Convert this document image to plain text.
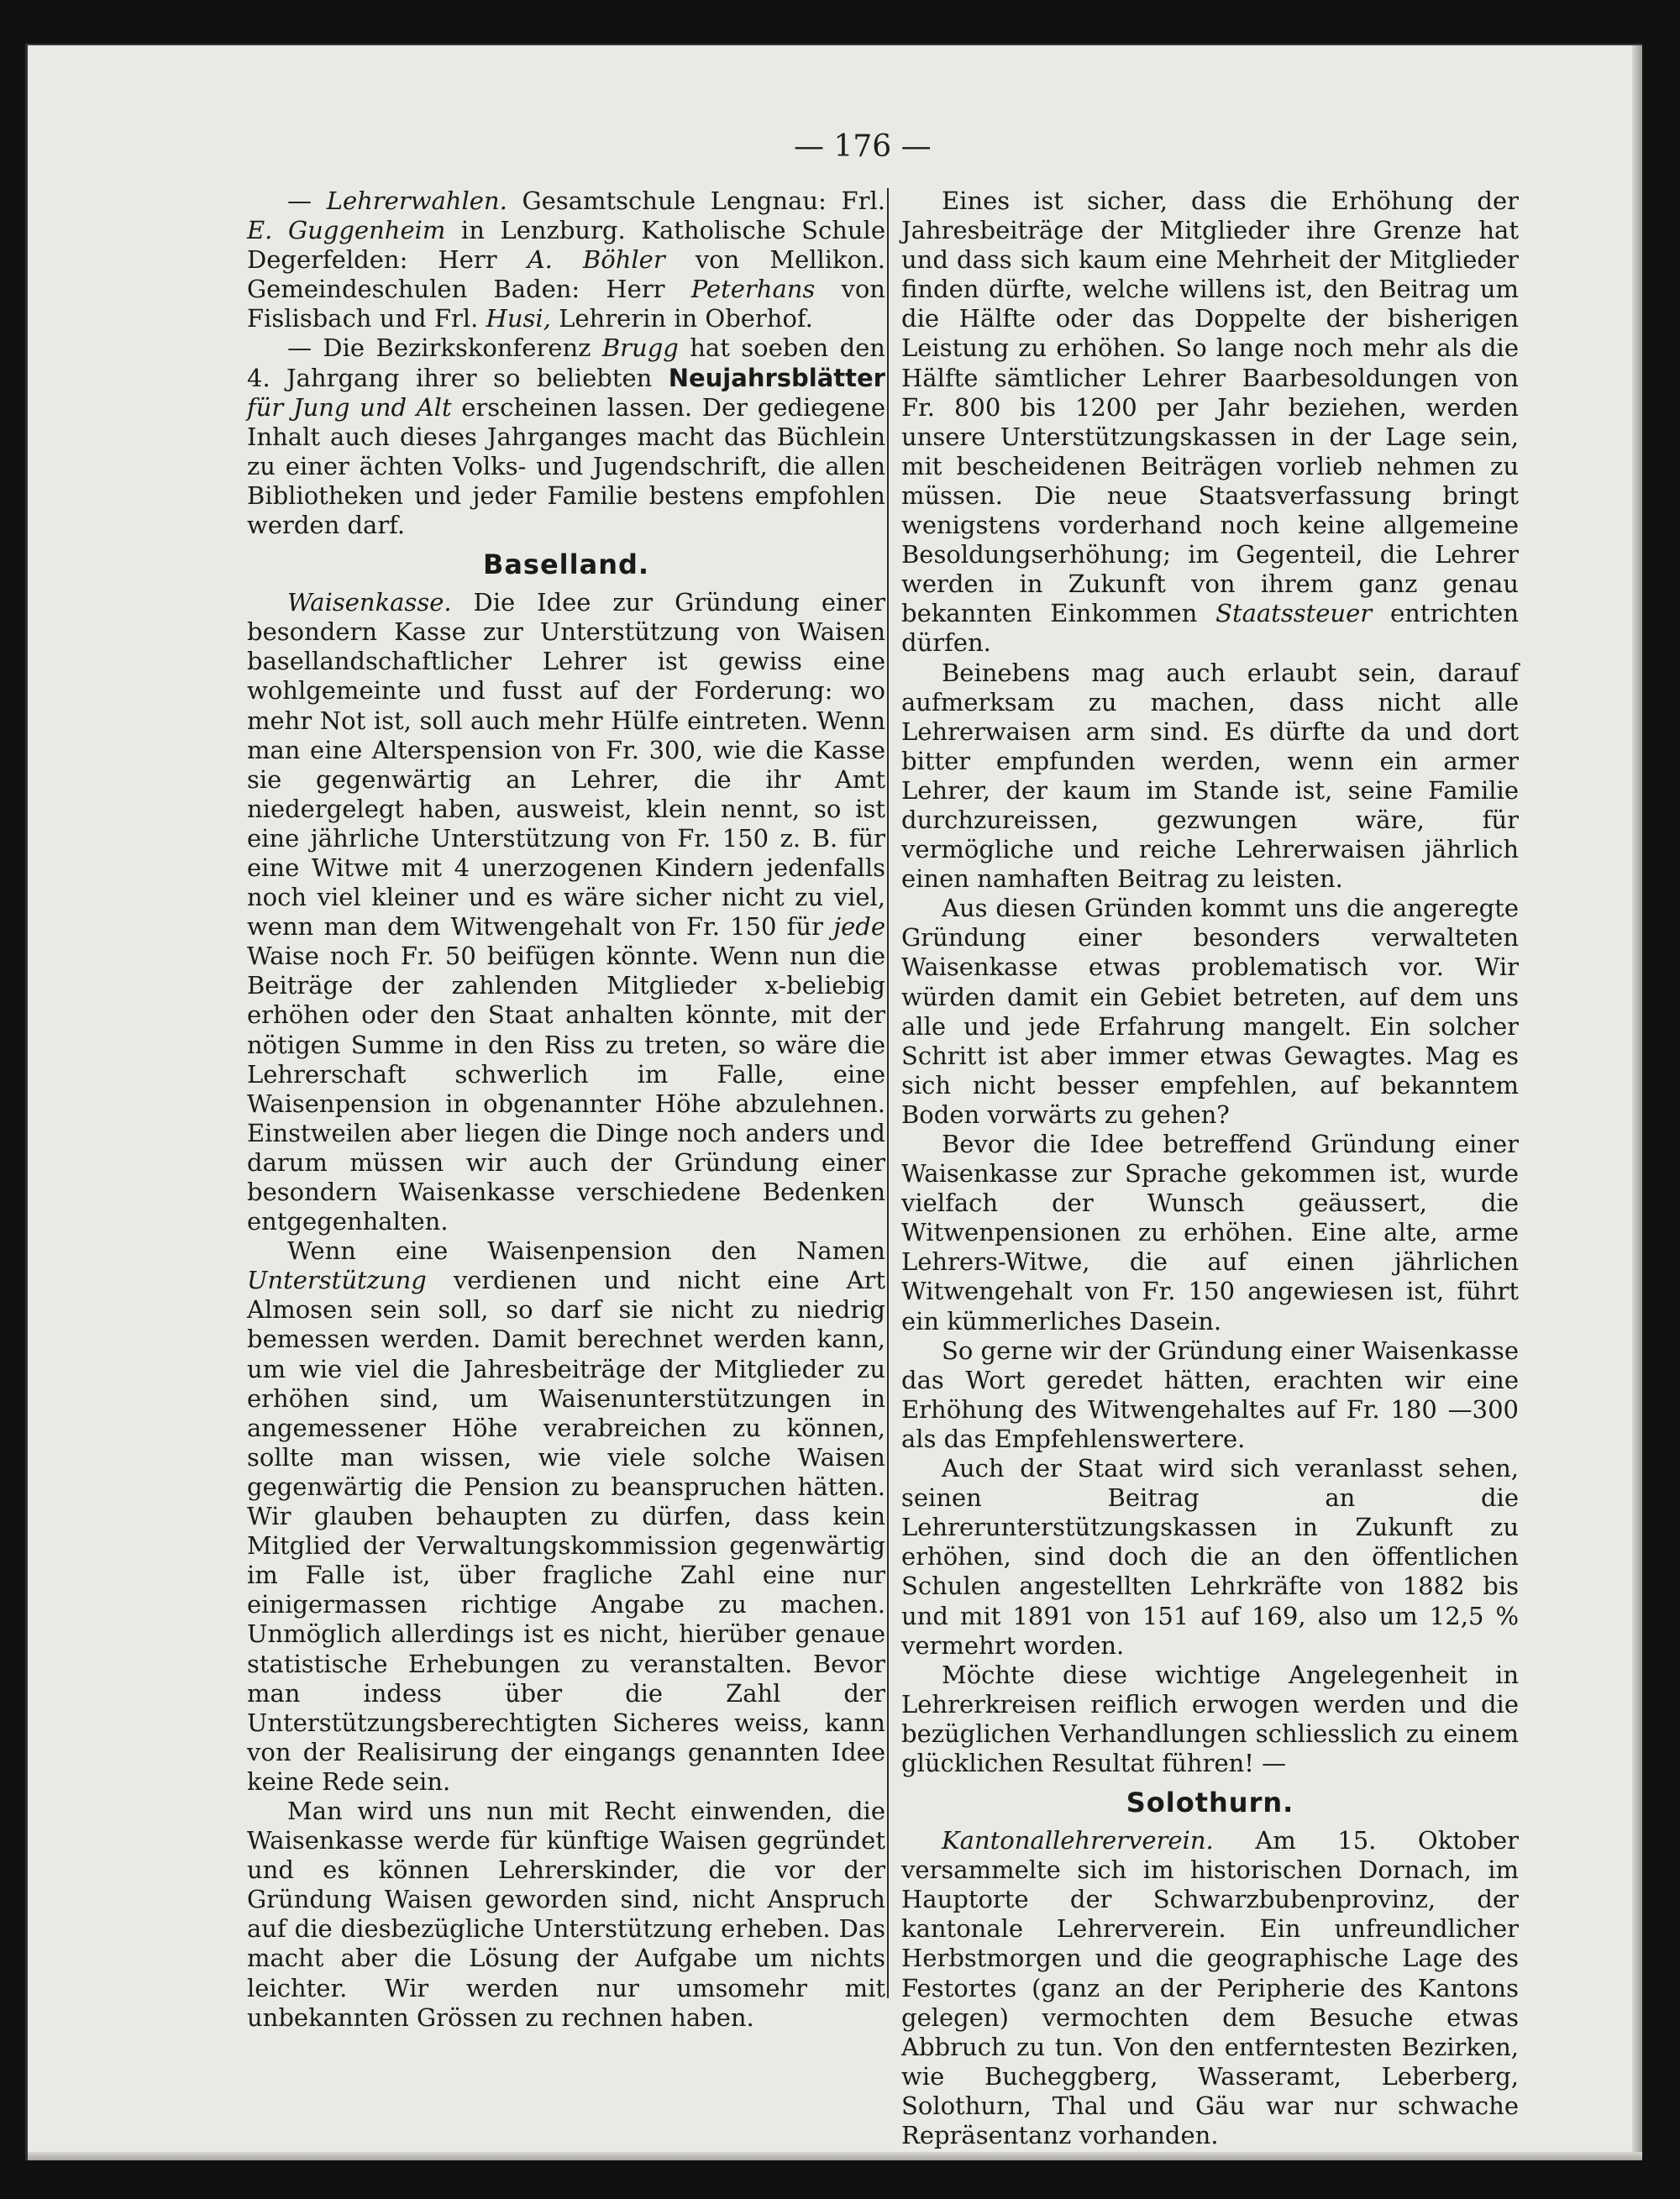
— 176 —

— Lehrerwahlen. Gesamtschule Lengnau: Frl. E. Guggenheim in Lenzburg. Katholische Schule Degerfelden: Herr A. Böhler von Mellikon. Gemeindeschulen Baden: Herr Peterhans von Fislisbach und Frl. Husi, Lehrerin in Oberhof.

— Die Bezirkskonferenz Brugg hat soeben den 4. Jahrgang ihrer so beliebten Neujahrsblätter für Jung und Alt erscheinen lassen. Der gediegene Inhalt auch dieses Jahrganges macht das Büchlein zu einer ächten Volks- und Jugendschrift, die allen Bibliotheken und jeder Familie bestens empfohlen werden darf.

Baselland.

Waisenkasse. Die Idee zur Gründung einer besondern Kasse zur Unterstützung von Waisen basellandschaftlicher Lehrer ist gewiss eine wohlgemeinte und fusst auf der Forderung: wo mehr Not ist, soll auch mehr Hülfe eintreten. Wenn man eine Alterspension von Fr. 300, wie die Kasse sie gegenwärtig an Lehrer, die ihr Amt niedergelegt haben, ausweist, klein nennt, so ist eine jährliche Unterstützung von Fr. 150 z. B. für eine Witwe mit 4 unerzogenen Kindern jedenfalls noch viel kleiner und es wäre sicher nicht zu viel, wenn man dem Witwengehalt von Fr. 150 für jede Waise noch Fr. 50 beifügen könnte. Wenn nun die Beiträge der zahlenden Mitglieder x-beliebig erhöhen oder den Staat anhalten könnte, mit der nötigen Summe in den Riss zu treten, so wäre die Lehrerschaft schwerlich im Falle, eine Waisenpension in obgenannter Höhe abzulehnen. Einstweilen aber liegen die Dinge noch anders und darum müssen wir auch der Gründung einer besondern Waisenkasse verschiedene Bedenken entgegenhalten.

Wenn eine Waisenpension den Namen Unterstützung verdienen und nicht eine Art Almosen sein soll, so darf sie nicht zu niedrig bemessen werden. Damit berechnet werden kann, um wie viel die Jahresbeiträge der Mitglieder zu erhöhen sind, um Waisenunterstützungen in angemessener Höhe verabreichen zu können, sollte man wissen, wie viele solche Waisen gegenwärtig die Pension zu beanspruchen hätten. Wir glauben behaupten zu dürfen, dass kein Mitglied der Verwaltungskommission gegenwärtig im Falle ist, über fragliche Zahl eine nur einigermassen richtige Angabe zu machen. Unmöglich allerdings ist es nicht, hierüber genaue statistische Erhebungen zu veranstalten. Bevor man indess über die Zahl der Unterstützungsberechtigten Sicheres weiss, kann von der Realisirung der eingangs genannten Idee keine Rede sein.

Man wird uns nun mit Recht einwenden, die Waisenkasse werde für künftige Waisen gegründet und es können Lehrerskinder, die vor der Gründung Waisen geworden sind, nicht Anspruch auf die diesbezügliche Unterstützung erheben. Das macht aber die Lösung der Aufgabe um nichts leichter. Wir werden nur umsomehr mit unbekannten Grössen zu rechnen haben.

Eines ist sicher, dass die Erhöhung der Jahresbeiträge der Mitglieder ihre Grenze hat und dass sich kaum eine Mehrheit der Mitglieder finden dürfte, welche willens ist, den Beitrag um die Hälfte oder das Doppelte der bisherigen Leistung zu erhöhen. So lange noch mehr als die Hälfte sämtlicher Lehrer Baarbesoldungen von Fr. 800 bis 1200 per Jahr beziehen, werden unsere Unterstützungskassen in der Lage sein, mit bescheidenen Beiträgen vorlieb nehmen zu müssen. Die neue Staatsverfassung bringt wenigstens vorderhand noch keine allgemeine Besoldungserhöhung; im Gegenteil, die Lehrer werden in Zukunft von ihrem ganz genau bekannten Einkommen Staatssteuer entrichten dürfen.

Beinebens mag auch erlaubt sein, darauf aufmerksam zu machen, dass nicht alle Lehrerwaisen arm sind. Es dürfte da und dort bitter empfunden werden, wenn ein armer Lehrer, der kaum im Stande ist, seine Familie durchzureissen, gezwungen wäre, für vermögliche und reiche Lehrerwaisen jährlich einen namhaften Beitrag zu leisten.

Aus diesen Gründen kommt uns die angeregte Gründung einer besonders verwalteten Waisenkasse etwas problematisch vor. Wir würden damit ein Gebiet betreten, auf dem uns alle und jede Erfahrung mangelt. Ein solcher Schritt ist aber immer etwas Gewagtes. Mag es sich nicht besser empfehlen, auf bekanntem Boden vorwärts zu gehen?

Bevor die Idee betreffend Gründung einer Waisenkasse zur Sprache gekommen ist, wurde vielfach der Wunsch geäussert, die Witwenpensionen zu erhöhen. Eine alte, arme Lehrers-Witwe, die auf einen jährlichen Witwengehalt von Fr. 150 angewiesen ist, führt ein kümmerliches Dasein.

So gerne wir der Gründung einer Waisenkasse das Wort geredet hätten, erachten wir eine Erhöhung des Witwengehaltes auf Fr. 180 —300 als das Empfehlenswertere.

Auch der Staat wird sich veranlasst sehen, seinen Beitrag an die Lehrerunterstützungskassen in Zukunft zu erhöhen, sind doch die an den öffentlichen Schulen angestellten Lehrkräfte von 1882 bis und mit 1891 von 151 auf 169, also um 12,5 % vermehrt worden.

Möchte diese wichtige Angelegenheit in Lehrerkreisen reiflich erwogen werden und die bezüglichen Verhandlungen schliesslich zu einem glücklichen Resultat führen! —

Solothurn.

Kantonallehrerverein. Am 15. Oktober versammelte sich im historischen Dornach, im Hauptorte der Schwarzbubenprovinz, der kantonale Lehrerverein. Ein unfreundlicher Herbstmorgen und die geographische Lage des Festortes (ganz an der Peripherie des Kantons gelegen) vermochten dem Besuche etwas Abbruch zu tun. Von den entferntesten Bezirken, wie Bucheggberg, Wasseramt, Leberberg, Solothurn, Thal und Gäu war nur schwache Repräsentanz vorhanden.
